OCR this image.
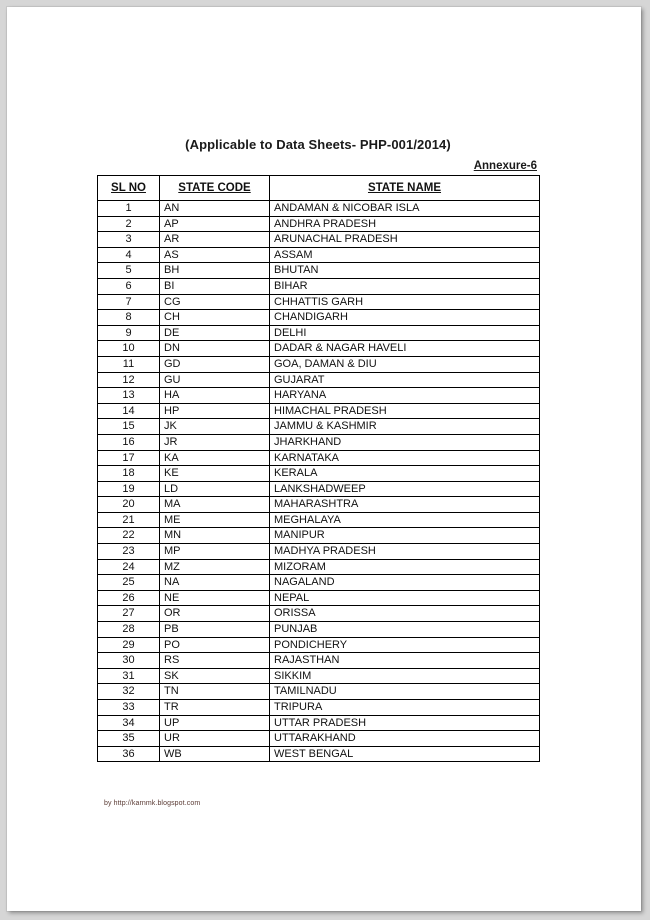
(Applicable to Data Sheets- PHP-001/2014)
Annexure-6
SL NO	STATE CODE	STATE NAME
1	AN	ANDAMAN & NICOBAR ISLA
2	AP	ANDHRA PRADESH
3	AR	ARUNACHAL PRADESH
4	AS	ASSAM
5	BH	BHUTAN
6	BI	BIHAR
7	CG	CHHATTIS GARH
8	CH	CHANDIGARH
9	DE	DELHI
10	DN	DADAR & NAGAR HAVELI
11	GD	GOA, DAMAN & DIU
12	GU	GUJARAT
13	HA	HARYANA
14	HP	HIMACHAL PRADESH
15	JK	JAMMU & KASHMIR
16	JR	JHARKHAND
17	KA	KARNATAKA
18	KE	KERALA
19	LD	LANKSHADWEEP
20	MA	MAHARASHTRA
21	ME	MEGHALAYA
22	MN	MANIPUR
23	MP	MADHYA PRADESH
24	MZ	MIZORAM
25	NA	NAGALAND
26	NE	NEPAL
27	OR	ORISSA
28	PB	PUNJAB
29	PO	PONDICHERY
30	RS	RAJASTHAN
31	SK	SIKKIM
32	TN	TAMILNADU
33	TR	TRIPURA
34	UP	UTTAR PRADESH
35	UR	UTTARAKHAND
36	WB	WEST BENGAL
by http://karnmk.blogspot.com
